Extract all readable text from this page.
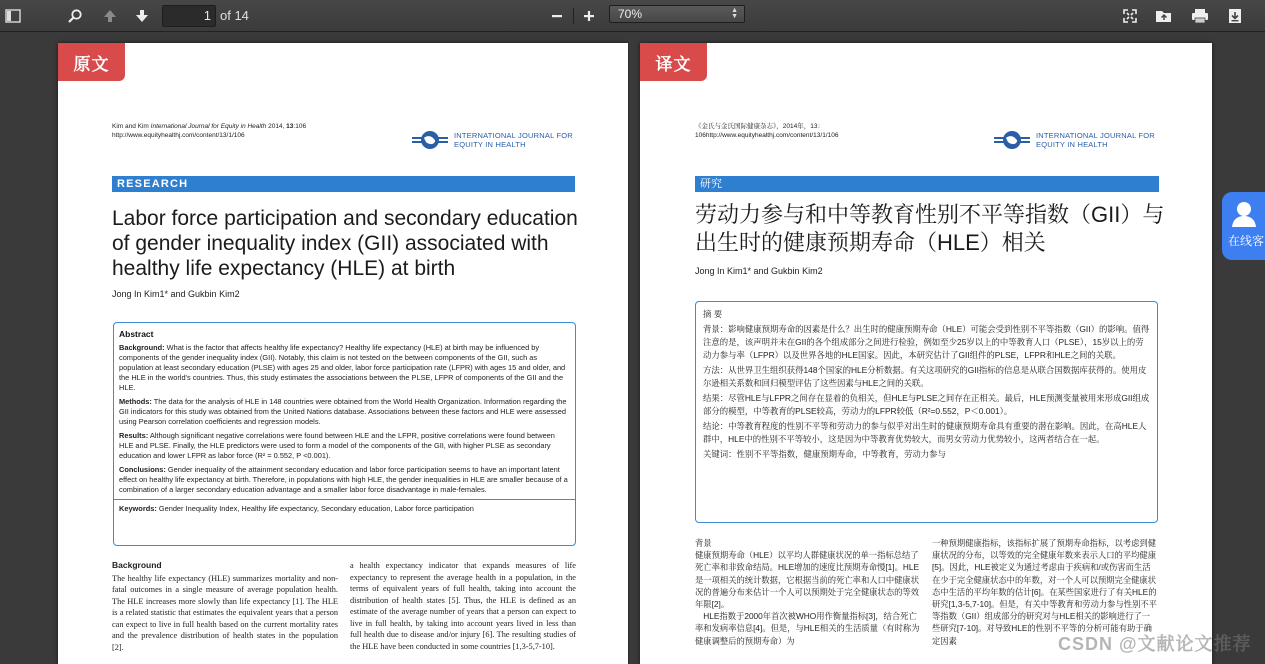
1 of 14	70%	▲
▼
原文
Kim and Kim International Journal for Equity in Health 2014, 13:106
http://www.equityhealthj.com/content/13/1/106	INTERNATIONAL JOURNAL FOR
EQUITY IN HEALTH
RESEARCH
Labor force participation and secondary education of gender inequality index (GII) associated with healthy life expectancy (HLE) at birth
Jong In Kim1* and Gukbin Kim2
Abstract
Background: What is the factor that affects healthy life expectancy? Healthy life expectancy (HLE) at birth may be influenced by components of the gender inequality index (GII). Notably, this claim is not tested on the between components of the GII, such as population at least secondary education (PLSE) with ages 25 and older, labor force participation rate (LFPR) with ages 15 and older, and the HLE in the world's countries. Thus, this study estimates the associations between the PLSE, LFPR of components of the GII and the HLE.
Methods: The data for the analysis of HLE in 148 countries were obtained from the World Health Organization. Information regarding the GII indicators for this study was obtained from the United Nations database. Associations between these factors and HLE were assessed using Pearson correlation coefficients and regression models.
Results: Although significant negative correlations were found between HLE and the LFPR, positive correlations were found between HLE and PLSE. Finally, the HLE predictors were used to form a model of the components of the GII, with higher PLSE as secondary education and lower LFPR as labor force (R² = 0.552, P <0.001).
Conclusions: Gender inequality of the attainment secondary education and labor force participation seems to have an important latent effect on healthy life expectancy at birth. Therefore, in populations with high HLE, the gender inequalities in HLE are smaller because of a combination of a larger secondary education advantage and a smaller labor force disadvantage in male-females.
Keywords: Gender Inequality Index, Healthy life expectancy, Secondary education, Labor force participation
Background
The healthy life expectancy (HLE) summarizes mortality and non-fatal outcomes in a single measure of average population health. The HLE increases more slowly than life expectancy [1]. The HLE is a related statistic that estimates the equivalent years that a person can expect to live in full health based on the current mortality rates and the prevalence distribution of health states in the population [2].
a health expectancy indicator that expands measures of life expectancy to represent the average health in a population, in the terms of equivalent years of full health, taking into account the distribution of health states [5]. Thus, the HLE is defined as an estimate of the average number of years that a person can expect to live in full health, by taking into account years lived in less than full health due to disease and/or injury [6]. The resulting studies of the HLE have been conducted in some countries [1,3-5,7-10].
译文
《金氏与金氏国际健康杂志》，2014年，13：
106http://www.equityhealthj.com/content/13/1/106	INTERNATIONAL JOURNAL FOR
EQUITY IN HEALTH
研究
劳动力参与和中等教育性别不平等指数（GII）与出生时的健康预期寿命（HLE）相关
Jong In Kim1* and Gukbin Kim2
摘 要
背景：影响健康预期寿命的因素是什么？出生时的健康预期寿命（HLE）可能会受到性别不平等指数（GII）的影响。值得注意的是，该声明并未在GII的各个组成部分之间进行检验，例如至少25岁以上的中等教育人口（PLSE），15岁以上的劳动力参与率（LFPR）以及世界各地的HLE国家。因此，本研究估计了GII组件的PLSE，LFPR和HLE之间的关联。
方法：从世界卫生组织获得148个国家的HLE分析数据。有关这项研究的GII指标的信息是从联合国数据库获得的。使用皮尔逊相关系数和回归模型评估了这些因素与HLE之间的关联。
结果：尽管HLE与LFPR之间存在显着的负相关，但HLE与PLSE之间存在正相关。最后，HLE预测变量被用来形成GII组成部分的模型，中等教育的PLSE较高，劳动力的LFPR较低（R²=0.552，P＜0.001）。
结论：中等教育程度的性别不平等和劳动力的参与似乎对出生时的健康预期寿命具有重要的潜在影响。因此，在高HLE人群中，HLE中的性别不平等较小，这是因为中等教育优势较大，而男女劳动力优势较小，这两者结合在一起。
关键词：性别不平等指数，健康预期寿命，中等教育，劳动力参与
背景
健康预期寿命（HLE）以平均人群健康状况的单一指标总结了死亡率和非致命结局。HLE增加的速度比预期寿命慢[1]。HLE是一项相关的统计数据，它根据当前的死亡率和人口中健康状况的普遍分布来估计一个人可以预期处于完全健康状态的等效年限[2]。
　HLE指数于2000年首次被WHO用作衡量指标[3]，结合死亡率和发病率信息[4]。但是，与HLE相关的生活质量（有时称为健康调整后的预期寿命）为
一种预期健康指标，该指标扩展了预期寿命指标，以考虑到健康状况的分布，以等效的完全健康年数来表示人口的平均健康[5]。因此，HLE被定义为通过考虑由于疾病和/或伤害而生活在少于完全健康状态中的年数，对一个人可以预期完全健康状态中生活的平均年数的估计[6]。在某些国家进行了有关HLE的研究[1,3-5,7-10]。但是，有关中等教育和劳动力参与性别不平等指数（GII）组成部分的研究对与HLE相关的影响进行了一些研究[7-10]。对导致HLE的性别不平等的分析可能有助于确定因素
在线客
CSDN @文献论文推荐
